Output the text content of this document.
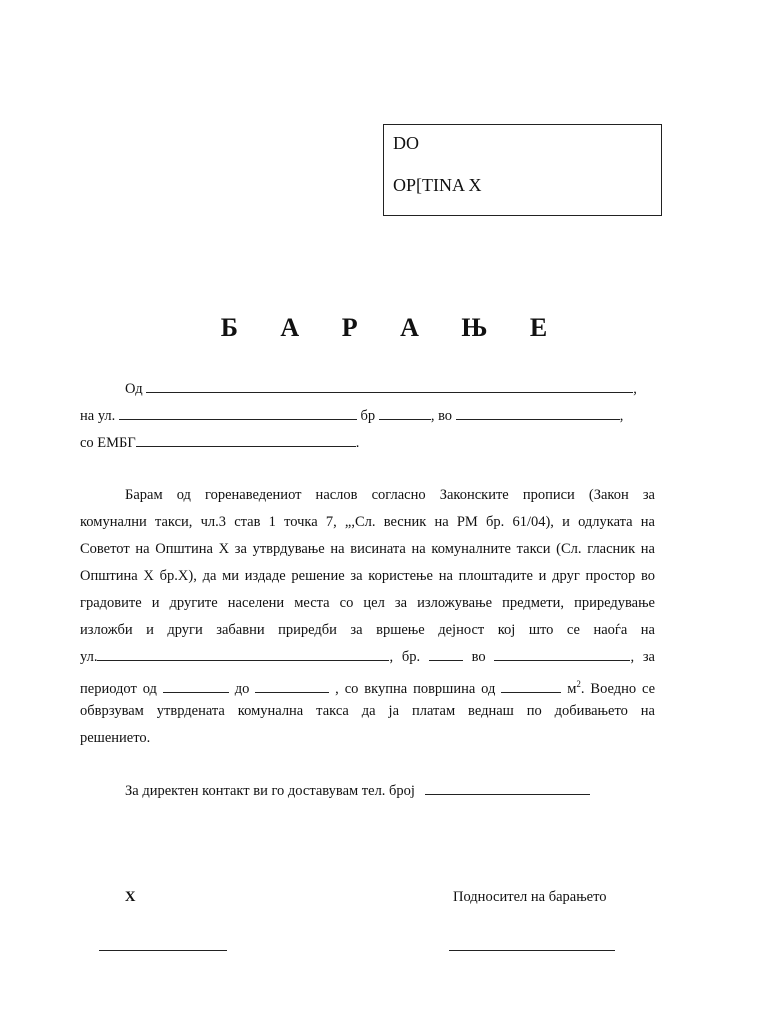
DO
OP[TINA X
Б А Р А Њ Е
Од	,
на ул.	бр	, во	,
со ЕМБГ	.
Барам од горенаведениот наслов согласно Законските прописи (Закон за
комунални такси, чл.3 став 1 точка 7, „,Сл. весник на РМ бр. 61/04), и одлуката на
Советот на Општина X за утврдување на висината на комуналните такси (Сл. гласник на
Општина X бр.X), да ми издаде решение за користење на плоштадите и друг простор во
градовите и другите населени места со цел за изложување предмети, приредување
изложби и други забавни приредби за вршење дејност кој што се наоѓа на
ул.	, бр.	во	, за
периодот од	до	, со вкупна површина од	$м^2$. Воедно се
обврзувам утврдената комунална такса да ја платам веднаш по добивањето на
решението.
За директен контакт ви го доставувам тел. број
X	Подносител на барањето
